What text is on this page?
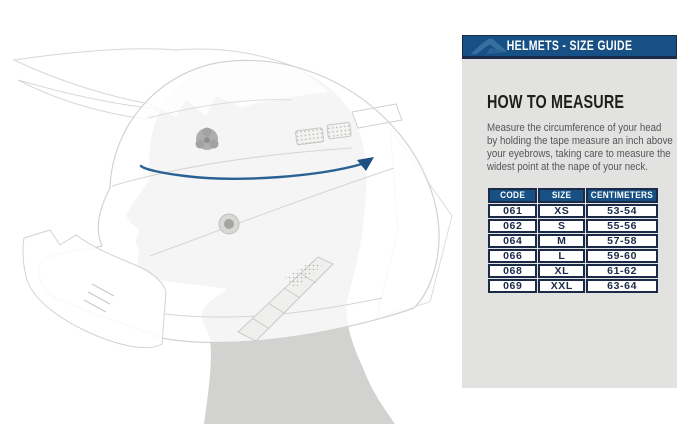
HELMETS - SIZE GUIDE
HOW TO MEASURE
Measure the circumference of your head
by holding the tape measure an inch above
your eyebrows, taking care to measure the
widest point at the nape of your neck.
CODE	SIZE	CENTIMETERS
061	XS	53-54
062	S	55-56
064	M	57-58
066	L	59-60
068	XL	61-62
069	XXL	63-64
